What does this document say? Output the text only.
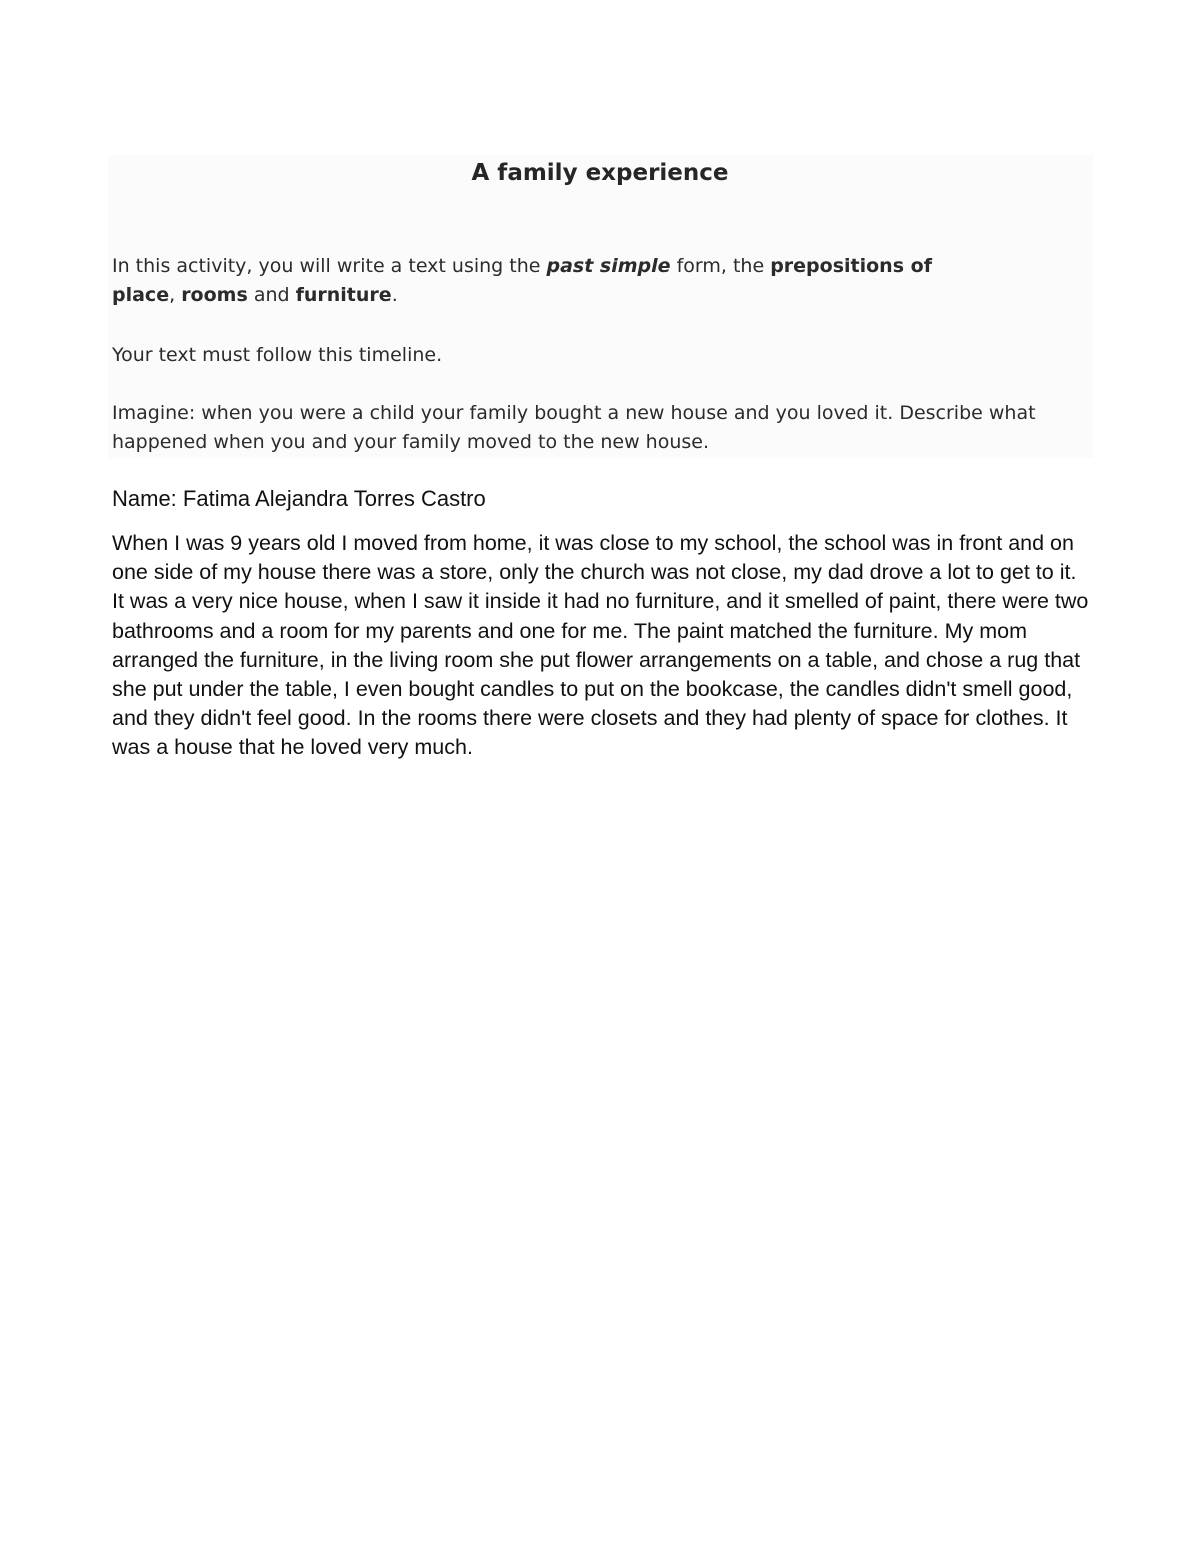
A family experience

In this activity, you will write a text using the past simple form, the prepositions of
place, rooms and furniture.

Your text must follow this timeline.

Imagine: when you were a child your family bought a new house and you loved it. Describe what happened when you and your family moved to the new house.

Name: Fatima Alejandra Torres Castro

When I was 9 years old I moved from home, it was close to my school, the school was in front and on one side of my house there was a store, only the church was not close, my dad drove a lot to get to it. It was a very nice house, when I saw it inside it had no furniture, and it smelled of paint, there were two bathrooms and a room for my parents and one for me. The paint matched the furniture. My mom arranged the furniture, in the living room she put flower arrangements on a table, and chose a rug that she put under the table, I even bought candles to put on the bookcase, the candles didn't smell good, and they didn't feel good. In the rooms there were closets and they had plenty of space for clothes. It was a house that he loved very much.
